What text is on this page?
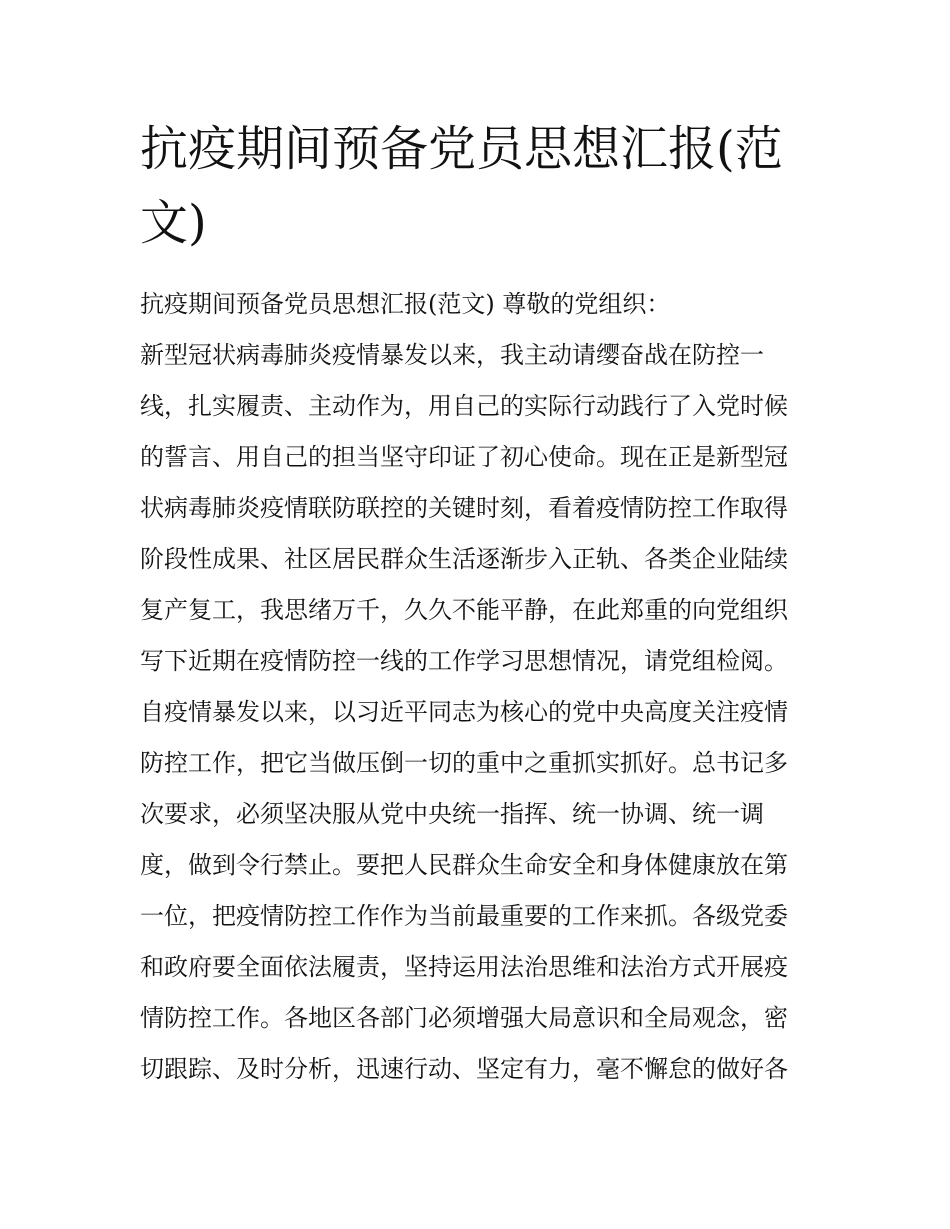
抗疫期间预备党员思想汇报(范
文)
抗疫期间预备党员思想汇报(范文) 尊敬的党组织：
新型冠状病毒肺炎疫情暴发以来，我主动请缨奋战在防控一
线，扎实履责、主动作为，用自己的实际行动践行了入党时候
的誓言、用自己的担当坚守印证了初心使命。现在正是新型冠
状病毒肺炎疫情联防联控的关键时刻，看着疫情防控工作取得
阶段性成果、社区居民群众生活逐渐步入正轨、各类企业陆续
复产复工，我思绪万千，久久不能平静，在此郑重的向党组织
写下近期在疫情防控一线的工作学习思想情况，请党组检阅。
自疫情暴发以来，以习近平同志为核心的党中央高度关注疫情
防控工作，把它当做压倒一切的重中之重抓实抓好。总书记多
次要求，必须坚决服从党中央统一指挥、统一协调、统一调
度，做到令行禁止。要把人民群众生命安全和身体健康放在第
一位，把疫情防控工作作为当前最重要的工作来抓。各级党委
和政府要全面依法履责，坚持运用法治思维和法治方式开展疫
情防控工作。各地区各部门必须增强大局意识和全局观念，密
切跟踪、及时分析，迅速行动、坚定有力，毫不懈怠的做好各
